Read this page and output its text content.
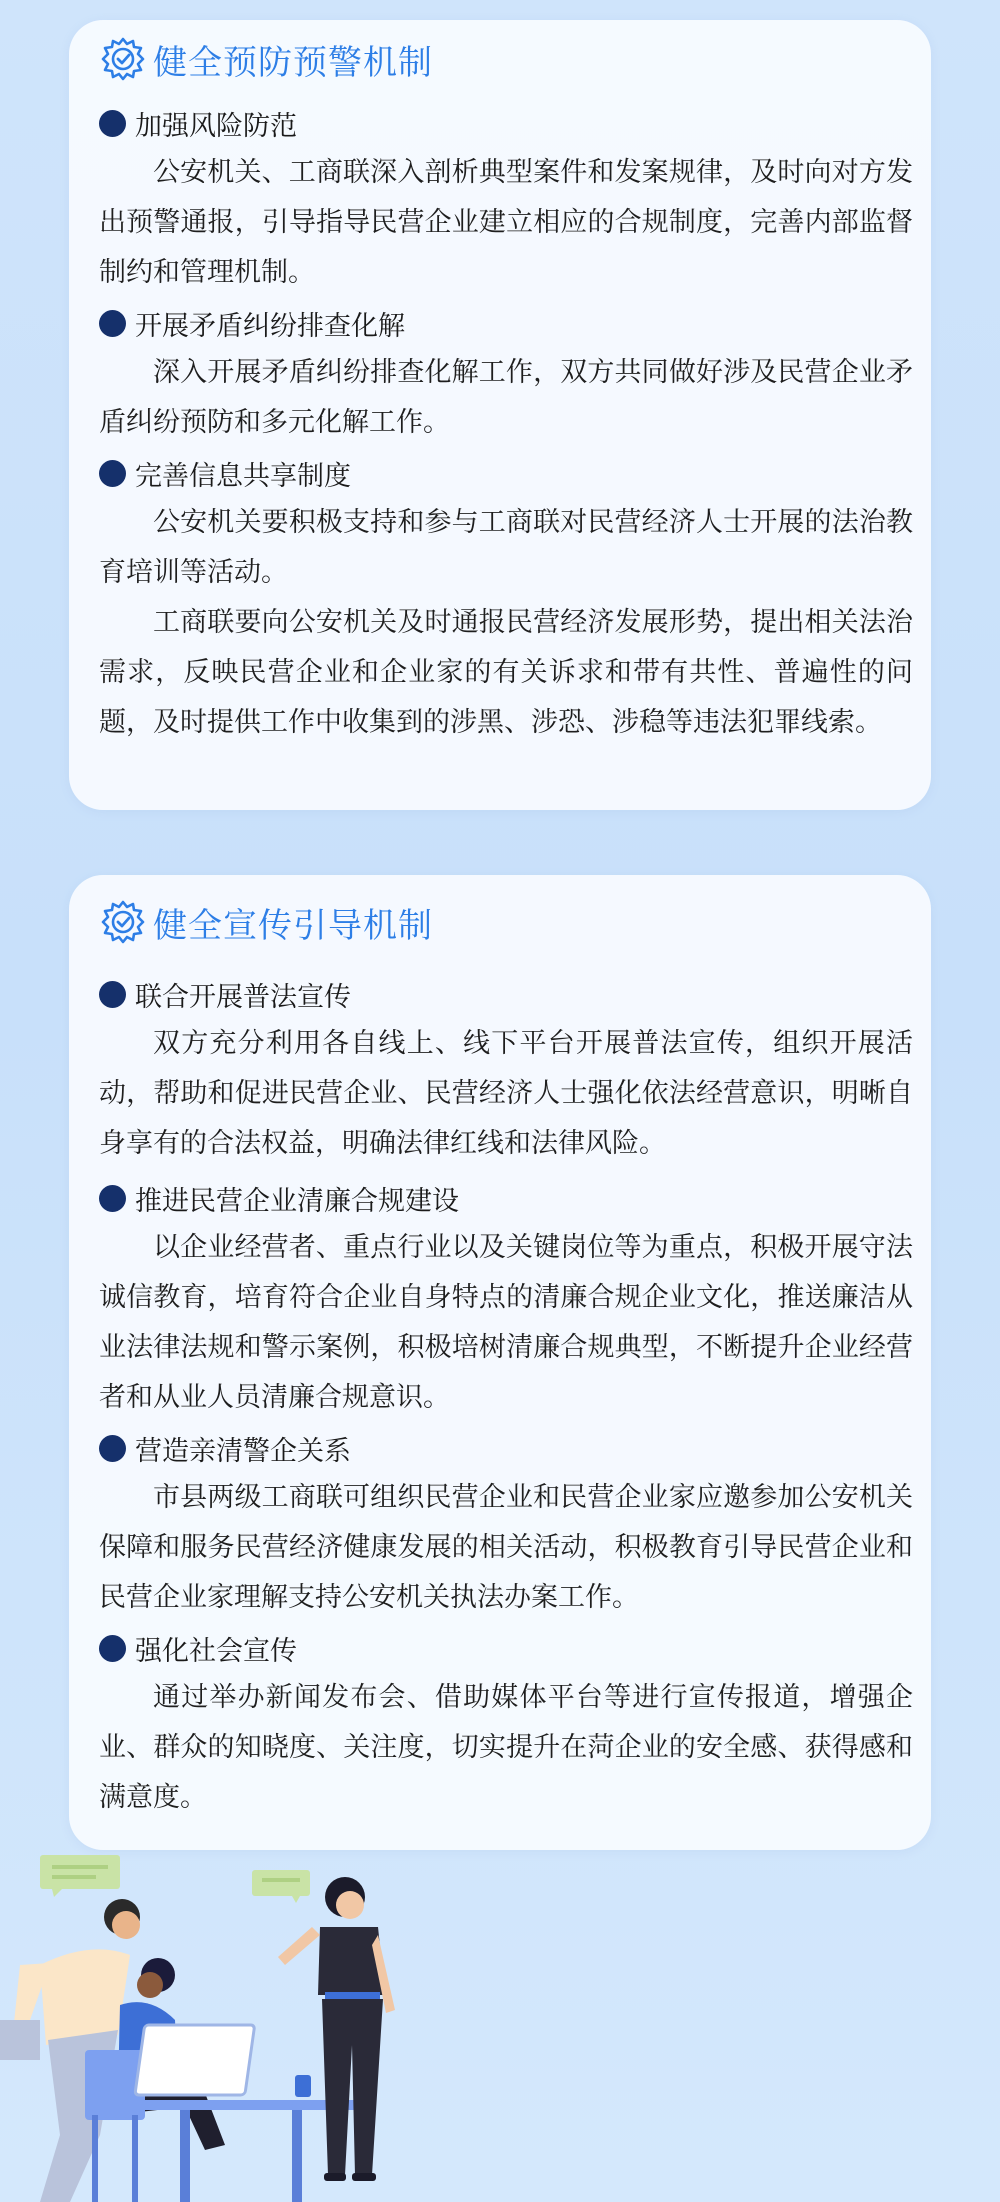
健全预防预警机制
加强风险防范

公安机关、工商联深入剖析典型案件和发案规律，及时向对方发出预警通报，引导指导民营企业建立相应的合规制度，完善内部监督制约和管理机制。

开展矛盾纠纷排查化解

深入开展矛盾纠纷排查化解工作，双方共同做好涉及民营企业矛盾纠纷预防和多元化解工作。

完善信息共享制度

公安机关要积极支持和参与工商联对民营经济人士开展的法治教育培训等活动。

工商联要向公安机关及时通报民营经济发展形势，提出相关法治需求，反映民营企业和企业家的有关诉求和带有共性、普遍性的问题，及时提供工作中收集到的涉黑、涉恐、涉稳等违法犯罪线索。

健全宣传引导机制
联合开展普法宣传

双方充分利用各自线上、线下平台开展普法宣传，组织开展活动，帮助和促进民营企业、民营经济人士强化依法经营意识，明晰自身享有的合法权益，明确法律红线和法律风险。

推进民营企业清廉合规建设

以企业经营者、重点行业以及关键岗位等为重点，积极开展守法诚信教育，培育符合企业自身特点的清廉合规企业文化，推送廉洁从业法律法规和警示案例，积极培树清廉合规典型，不断提升企业经营者和从业人员清廉合规意识。

营造亲清警企关系

市县两级工商联可组织民营企业和民营企业家应邀参加公安机关保障和服务民营经济健康发展的相关活动，积极教育引导民营企业和民营企业家理解支持公安机关执法办案工作。

强化社会宣传

通过举办新闻发布会、借助媒体平台等进行宣传报道，增强企业、群众的知晓度、关注度，切实提升在菏企业的安全感、获得感和满意度。
